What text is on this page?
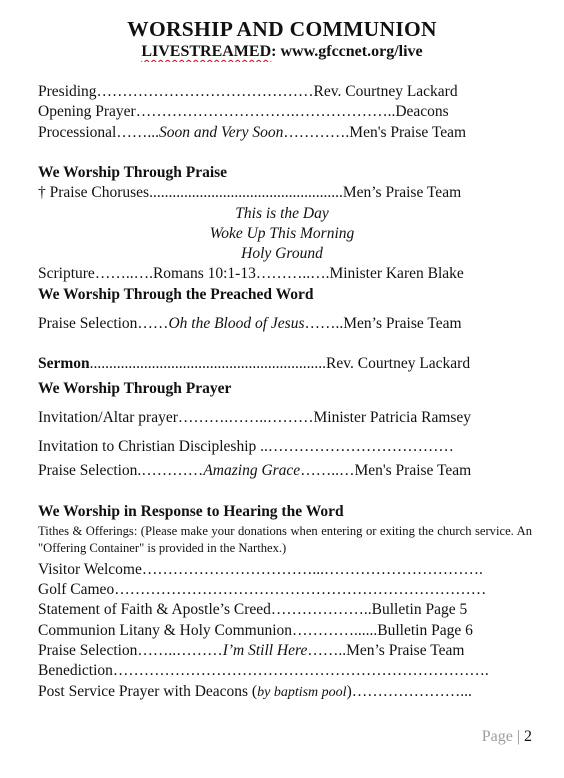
WORSHIP AND COMMUNION
LIVESTREAMED: www.gfccnet.org/live
Presiding……………………………………Rev. Courtney Lackard
Opening Prayer………………………….………………..Deacons
Processional……...Soon and Very Soon………….Men's Praise Team
We Worship Through Praise
† Praise Choruses..................................................Men’s Praise Team
This is the Day
Woke Up This Morning
Holy Ground
Scripture……..….Romans 10:1-13………..….Minister Karen Blake
We Worship Through the Preached Word
Praise Selection……Oh the Blood of Jesus……..Men’s Praise Team
Sermon.............................................................Rev. Courtney Lackard
We Worship Through Prayer
Invitation/Altar prayer……….……..………Minister Patricia Ramsey
Invitation to Christian Discipleship ..………………………………
Praise Selection.…………Amazing Grace……..…Men's Praise Team
We Worship in Response to Hearing the Word
Tithes & Offerings: (Please make your donations when entering or exiting the church service. An "Offering Container" is provided in the Narthex.)
Visitor Welcome……………………………...………………………….
Golf Cameo………………………………………………………………
Statement of Faith & Apostle’s Creed………………..Bulletin Page 5
Communion Litany & Holy Communion…………......Bulletin Page 6
Praise Selection……..………I’m Still Here……..Men’s Praise Team
Benediction……………………………………………………………….
Post Service Prayer with Deacons (by baptism pool)…………………...
Page | 2
